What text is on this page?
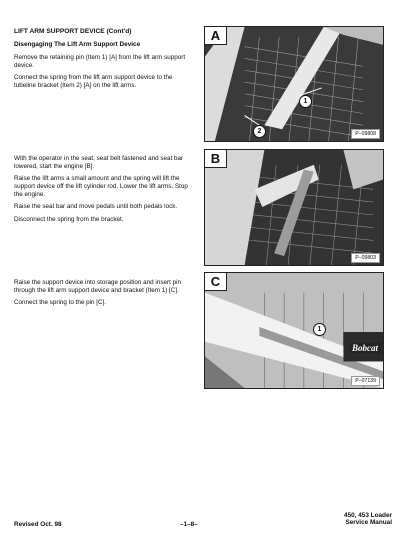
LIFT ARM SUPPORT DEVICE (Cont'd)

Disengaging The Lift Arm Support Device

Remove the retaining pin (Item 1) [A] from the lift arm support device.

Connect the spring from the lift arm support device to the tubeline bracket (Item 2) [A] on the lift arms.

With the operator in the seat, seat belt fastened and seat bar lowered, start the engine [B].

Raise the lift arms a small amount and the spring will lift the support device off the lift cylinder rod. Lower the lift arms. Stop the engine.

Raise the seat bar and move pedals until both pedals lock.

Disconnect the spring from the bracket.

Raise the support device into storage position and insert pin through the lift arm support device and bracket (Item 1) [C].

Connect the spring to the pin [C].

A
1
2	P–09808
B
P–09803
C
1
Bobcat
P–07139
Revised Oct. 98	–1–8–
450, 453 Loader
Service Manual
